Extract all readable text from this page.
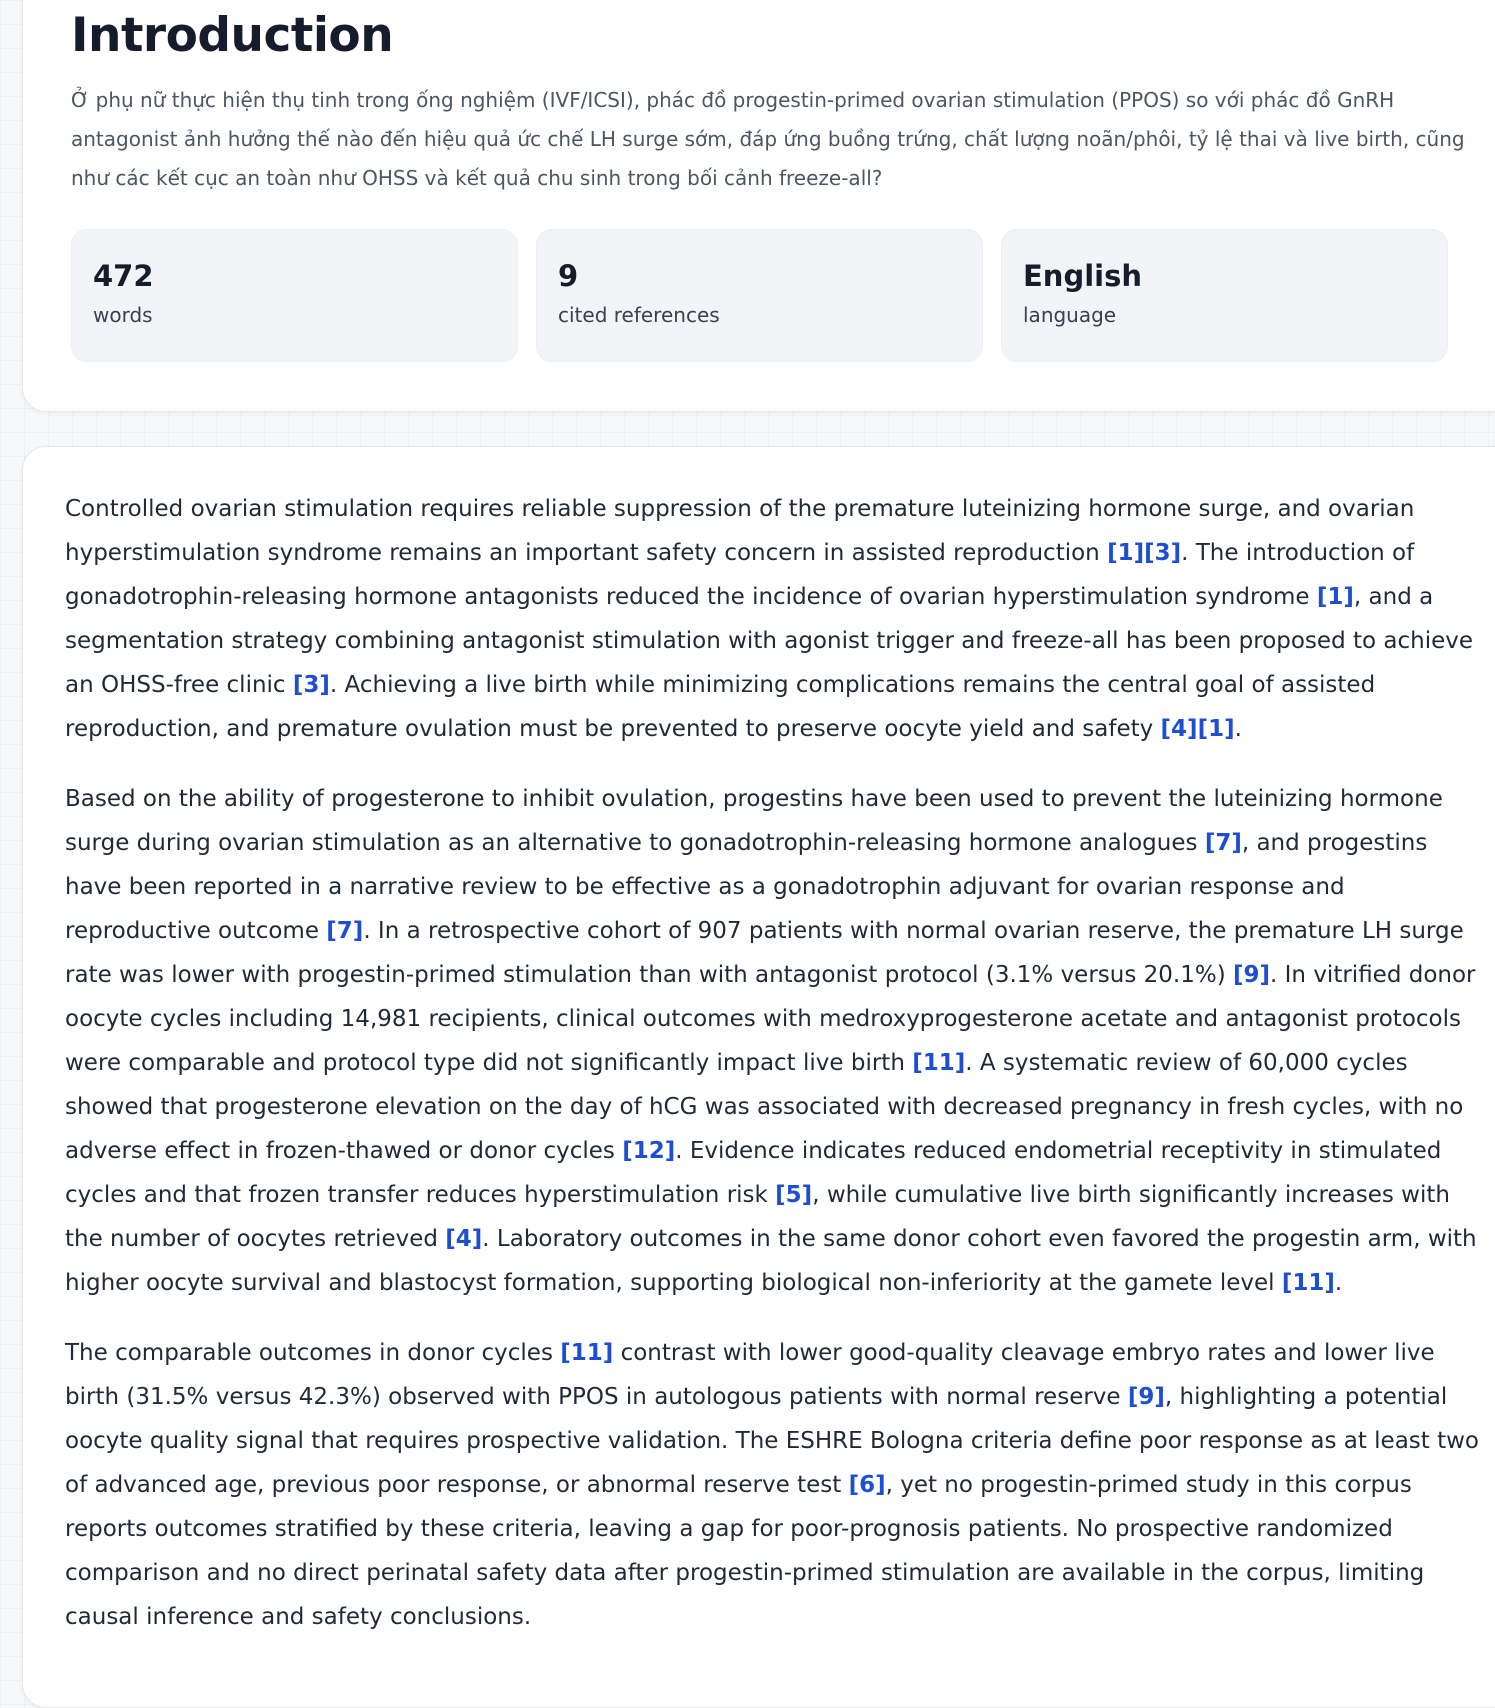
Introduction

Ở phụ nữ thực hiện thụ tinh trong ống nghiệm (IVF/ICSI), phác đồ progestin-primed ovarian stimulation (PPOS) so với phác đồ GnRH antagonist ảnh hưởng thế nào đến hiệu quả ức chế LH surge sớm, đáp ứng buồng trứng, chất lượng noãn/phôi, tỷ lệ thai và live birth, cũng như các kết cục an toàn như OHSS và kết quả chu sinh trong bối cảnh freeze-all?

472
words
9
cited references
English
language

Controlled ovarian stimulation requires reliable suppression of the premature luteinizing hormone surge, and ovarian hyperstimulation syndrome remains an important safety concern in assisted reproduction [1][3]. The introduction of gonadotrophin-releasing hormone antagonists reduced the incidence of ovarian hyperstimulation syndrome [1], and a segmentation strategy combining antagonist stimulation with agonist trigger and freeze-all has been proposed to achieve an OHSS-free clinic [3]. Achieving a live birth while minimizing complications remains the central goal of assisted reproduction, and premature ovulation must be prevented to preserve oocyte yield and safety [4][1].

Based on the ability of progesterone to inhibit ovulation, progestins have been used to prevent the luteinizing hormone surge during ovarian stimulation as an alternative to gonadotrophin-releasing hormone analogues [7], and progestins have been reported in a narrative review to be effective as a gonadotrophin adjuvant for ovarian response and reproductive outcome [7]. In a retrospective cohort of 907 patients with normal ovarian reserve, the premature LH surge rate was lower with progestin-primed stimulation than with antagonist protocol (3.1% versus 20.1%) [9]. In vitrified donor oocyte cycles including 14,981 recipients, clinical outcomes with medroxyprogesterone acetate and antagonist protocols were comparable and protocol type did not significantly impact live birth [11]. A systematic review of 60,000 cycles showed that progesterone elevation on the day of hCG was associated with decreased pregnancy in fresh cycles, with no adverse effect in frozen-thawed or donor cycles [12]. Evidence indicates reduced endometrial receptivity in stimulated cycles and that frozen transfer reduces hyperstimulation risk [5], while cumulative live birth significantly increases with the number of oocytes retrieved [4]. Laboratory outcomes in the same donor cohort even favored the progestin arm, with higher oocyte survival and blastocyst formation, supporting biological non-inferiority at the gamete level [11].

The comparable outcomes in donor cycles [11] contrast with lower good-quality cleavage embryo rates and lower live birth (31.5% versus 42.3%) observed with PPOS in autologous patients with normal reserve [9], highlighting a potential oocyte quality signal that requires prospective validation. The ESHRE Bologna criteria define poor response as at least two of advanced age, previous poor response, or abnormal reserve test [6], yet no progestin-primed study in this corpus reports outcomes stratified by these criteria, leaving a gap for poor-prognosis patients. No prospective randomized comparison and no direct perinatal safety data after progestin-primed stimulation are available in the corpus, limiting causal inference and safety conclusions.
